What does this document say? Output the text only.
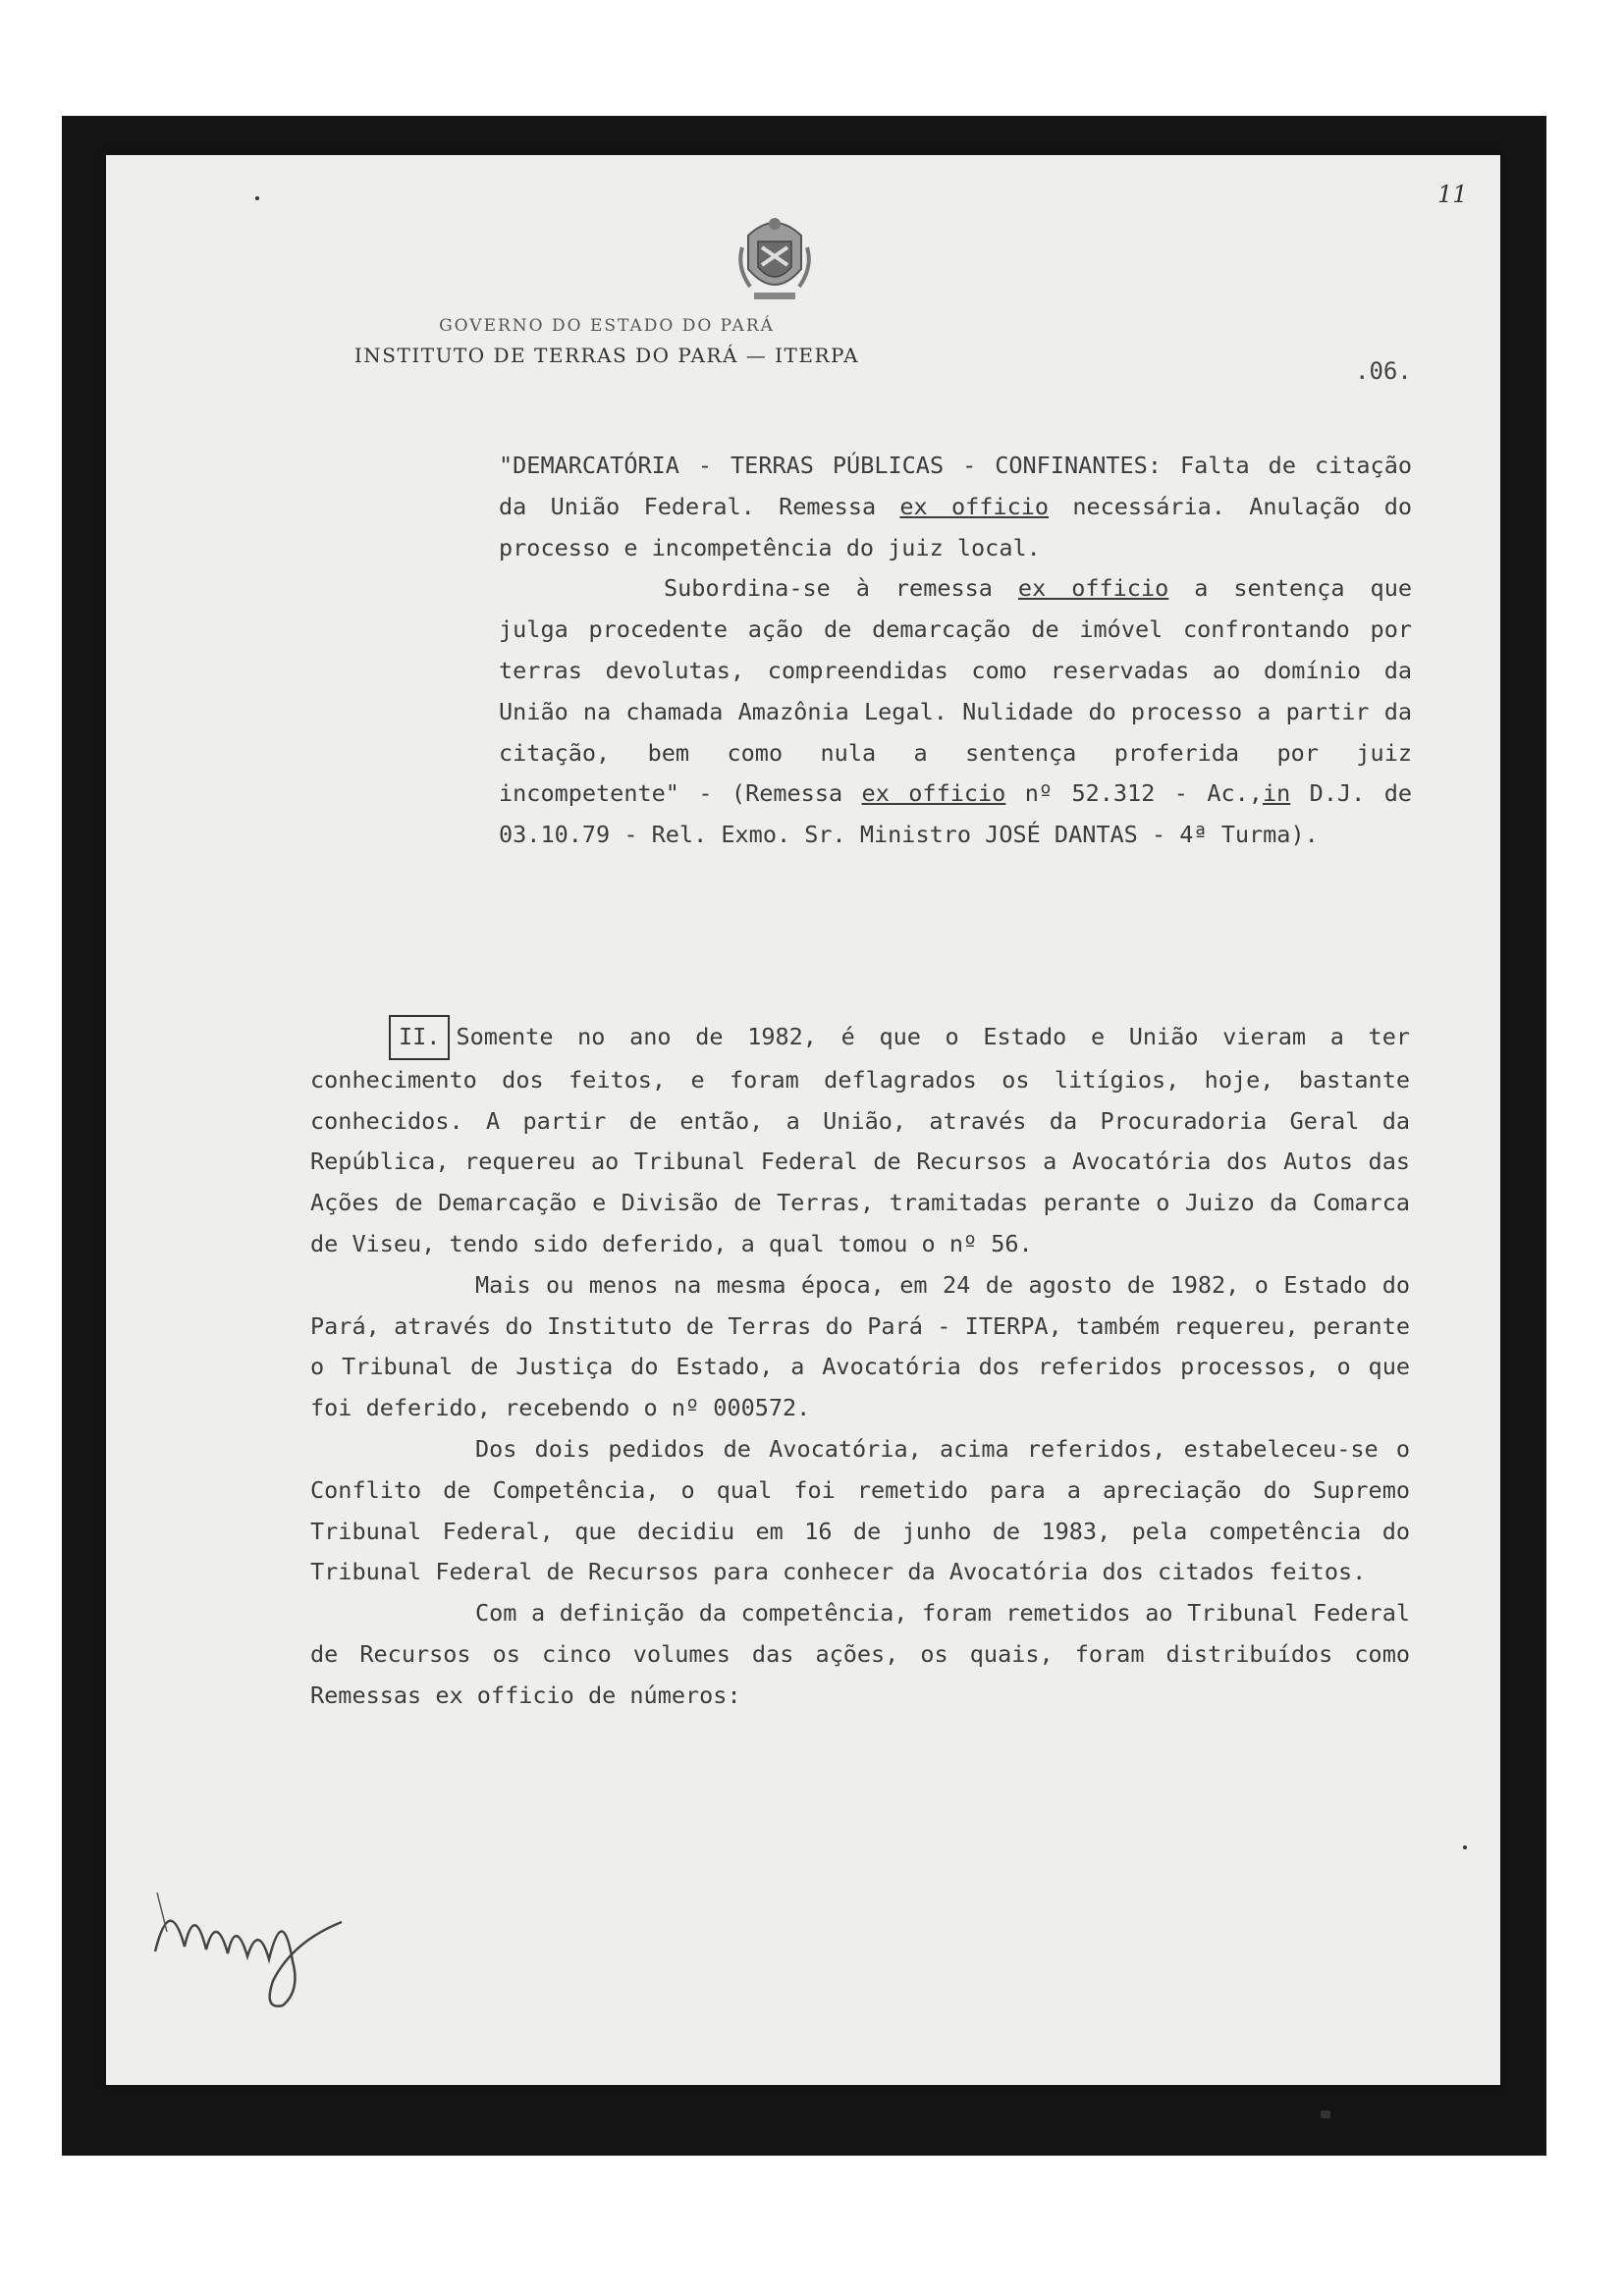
11
GOVERNO DO ESTADO DO PARÁ
INSTITUTO DE TERRAS DO PARÁ — ITERPA
.06.

"DEMARCATÓRIA - TERRAS PÚBLICAS - CONFINANTES: Falta de citação da União Federal. Remessa ex officio necessária. Anulação do processo e incompetência do juiz local.

Subordina-se à remessa ex officio a sentença que julga procedente ação de demarcação de imóvel confrontando por terras devolutas, compreendidas como reservadas ao domínio da União na chamada Amazônia Legal. Nulidade do processo a partir da citação, bem como nula a sentença proferida por juiz incompetente" - (Remessa ex officio nº 52.312 - Ac.,in D.J. de 03.10.79 - Rel. Exmo. Sr. Ministro JOSÉ DANTAS - 4ª Turma).

II. Somente no ano de 1982, é que o Estado e União vieram a ter conhecimento dos feitos, e foram deflagrados os litígios, hoje, bastante conhecidos. A partir de então, a União, através da Procuradoria Geral da República, requereu ao Tribunal Federal de Recursos a Avocatória dos Autos das Ações de Demarcação e Divisão de Terras, tramitadas perante o Juizo da Comarca de Viseu, tendo sido deferido, a qual tomou o nº 56.

Mais ou menos na mesma época, em 24 de agosto de 1982, o Estado do Pará, através do Instituto de Terras do Pará - ITERPA, também requereu, perante o Tribunal de Justiça do Estado, a Avocatória dos referidos processos, o que foi deferido, recebendo o nº 000572.

Dos dois pedidos de Avocatória, acima referidos, estabeleceu-se o Conflito de Competência, o qual foi remetido para a apreciação do Supremo Tribunal Federal, que decidiu em 16 de junho de 1983, pela competência do Tribunal Federal de Recursos para conhecer da Avocatória dos citados feitos.

Com a definição da competência, foram remetidos ao Tribunal Federal de Recursos os cinco volumes das ações, os quais, foram distribuídos como Remessas ex officio de números:
